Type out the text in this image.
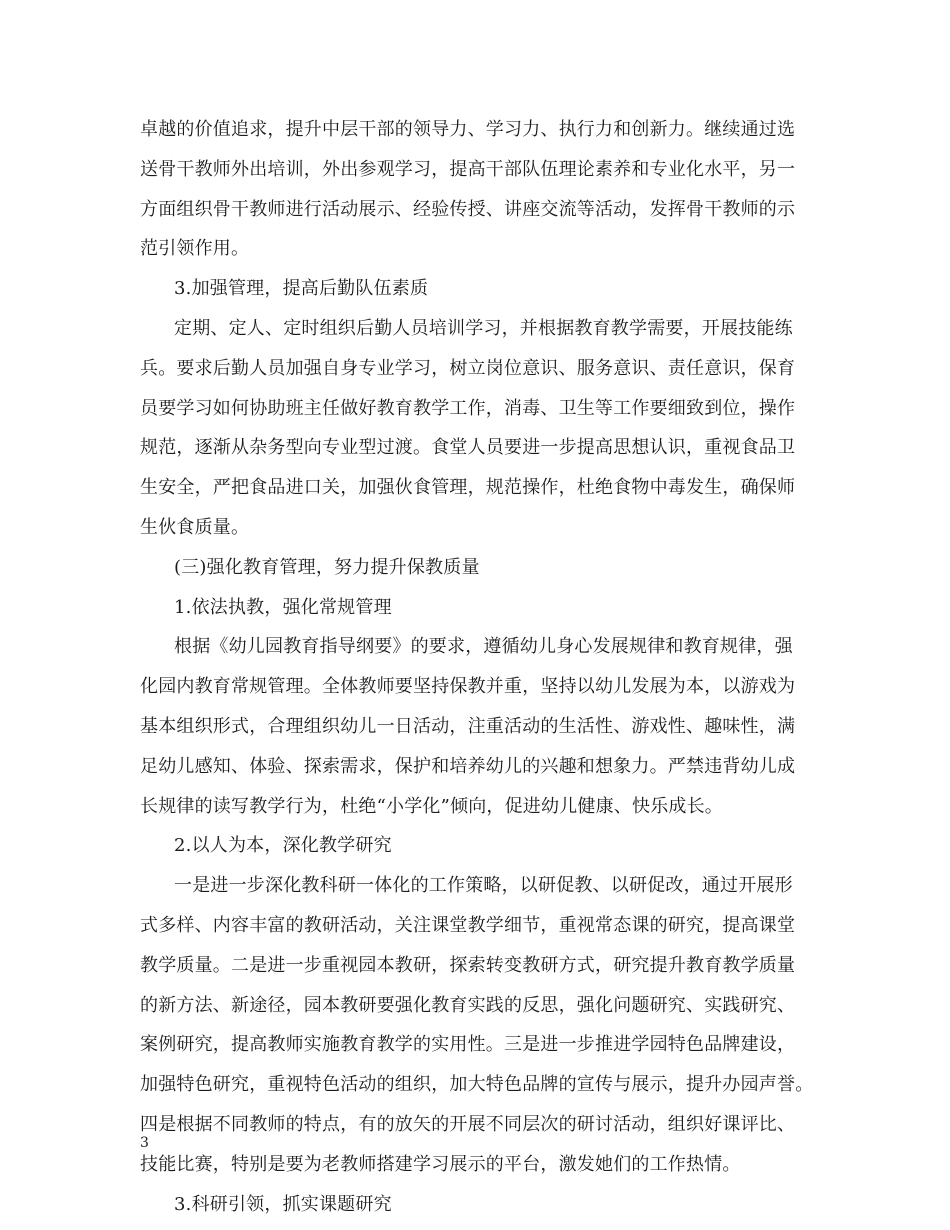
卓越的价值追求，提升中层干部的领导力、学习力、执行力和创新力。继续通过选
送骨干教师外出培训，外出参观学习，提高干部队伍理论素养和专业化水平，另一
方面组织骨干教师进行活动展示、经验传授、讲座交流等活动，发挥骨干教师的示
范引领作用。
3.加强管理，提高后勤队伍素质
定期、定人、定时组织后勤人员培训学习，并根据教育教学需要，开展技能练
兵。要求后勤人员加强自身专业学习，树立岗位意识、服务意识、责任意识，保育
员要学习如何协助班主任做好教育教学工作，消毒、卫生等工作要细致到位，操作
规范，逐渐从杂务型向专业型过渡。食堂人员要进一步提高思想认识，重视食品卫
生安全，严把食品进口关，加强伙食管理，规范操作，杜绝食物中毒发生，确保师
生伙食质量。
(三)强化教育管理，努力提升保教质量
1.依法执教，强化常规管理
根据《幼儿园教育指导纲要》的要求，遵循幼儿身心发展规律和教育规律，强
化园内教育常规管理。全体教师要坚持保教并重，坚持以幼儿发展为本，以游戏为
基本组织形式，合理组织幼儿一日活动，注重活动的生活性、游戏性、趣味性，满
足幼儿感知、体验、探索需求，保护和培养幼儿的兴趣和想象力。严禁违背幼儿成
长规律的读写教学行为，杜绝“小学化”倾向，促进幼儿健康、快乐成长。
2.以人为本，深化教学研究
一是进一步深化教科研一体化的工作策略，以研促教、以研促改，通过开展形
式多样、内容丰富的教研活动，关注课堂教学细节，重视常态课的研究，提高课堂
教学质量。二是进一步重视园本教研，探索转变教研方式，研究提升教育教学质量
的新方法、新途径，园本教研要强化教育实践的反思，强化问题研究、实践研究、
案例研究，提高教师实施教育教学的实用性。三是进一步推进学园特色品牌建设，
加强特色研究，重视特色活动的组织，加大特色品牌的宣传与展示，提升办园声誉。
四是根据不同教师的特点，有的放矢的开展不同层次的研讨活动，组织好课评比、
技能比赛，特别是要为老教师搭建学习展示的平台，激发她们的工作热情。
3.科研引领，抓实课题研究
3
